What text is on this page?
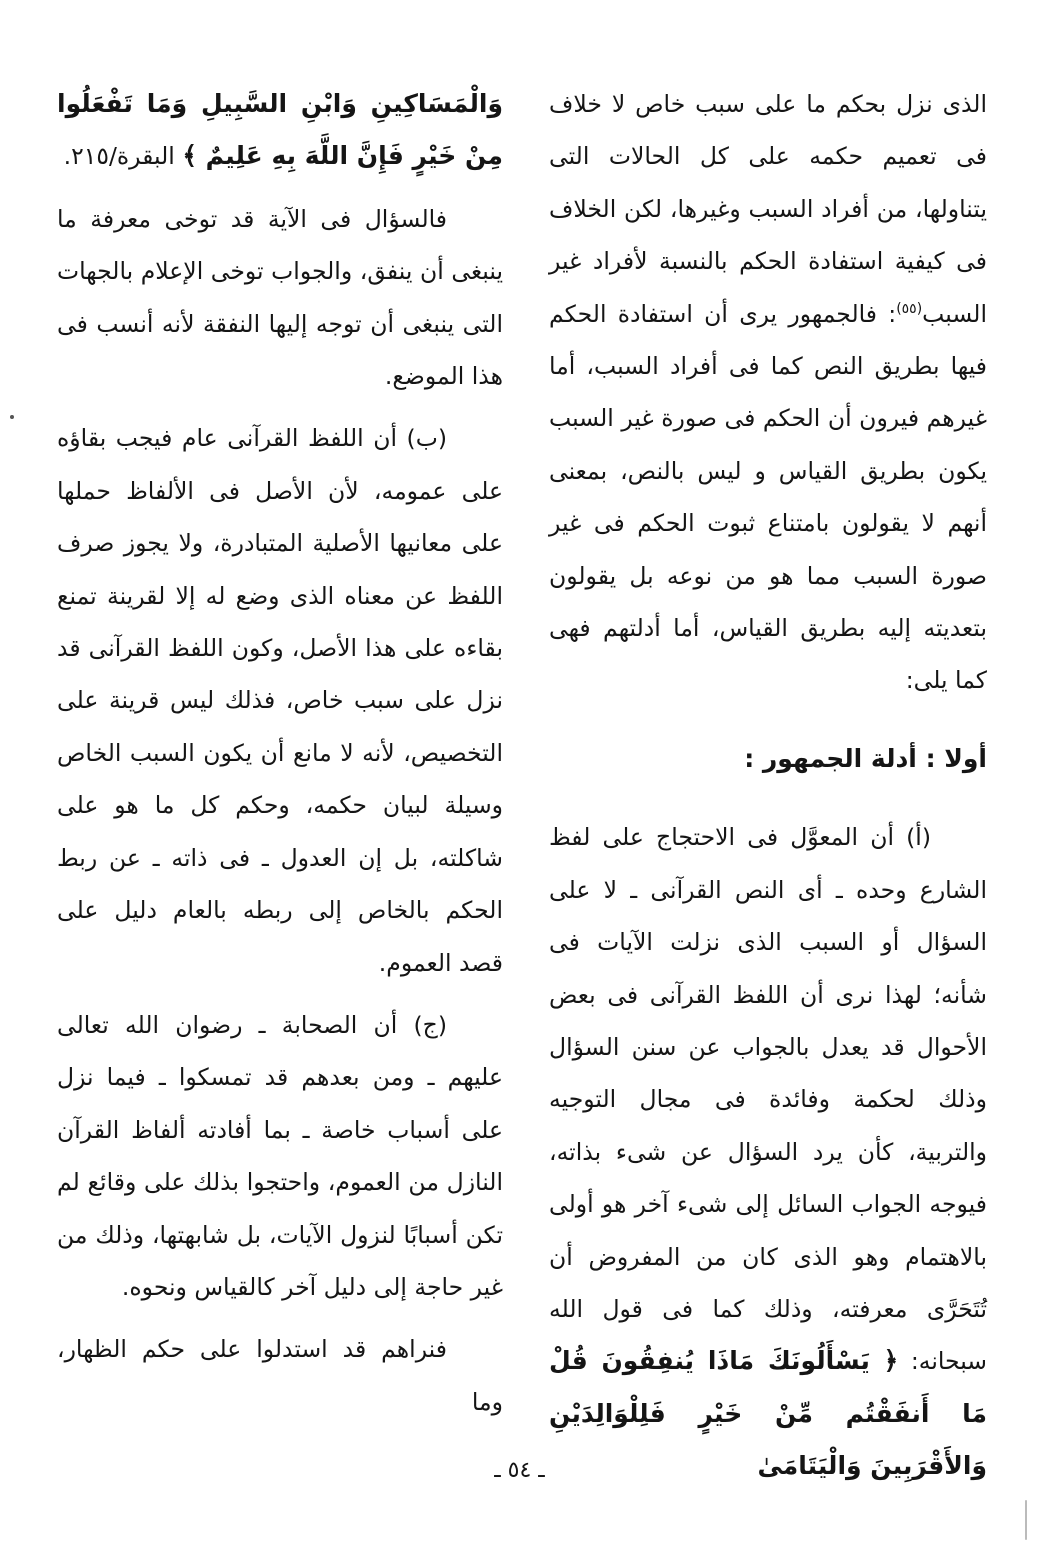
الذى نزل بحكم ما على سبب خاص لا خلاف فى تعميم حكمه على كل الحالات التى يتناولها، من أفراد السبب وغيرها، لكن الخلاف فى كيفية استفادة الحكم بالنسبة لأفراد غير السبب$^{(٥٥)}$: فالجمهور يرى أن استفادة الحكم فيها بطريق النص كما فى أفراد السبب، أما غيرهم فيرون أن الحكم فى صورة غير السبب يكون بطريق القياس و ليس بالنص، بمعنى أنهم لا يقولون بامتناع ثبوت الحكم فى غير صورة السبب مما هو من نوعه بل يقولون بتعديته إليه بطريق القياس، أما أدلتهم فهى كما يلى:

أولا : أدلة الجمهور :

(أ) أن المعوَّل فى الاحتجاج على لفظ الشارع وحده ـ أى النص القرآنى ـ لا على السؤال أو السبب الذى نزلت الآيات فى شأنه؛ لهذا نرى أن اللفظ القرآنى فى بعض الأحوال قد يعدل بالجواب عن سنن السؤال وذلك لحكمة وفائدة فى مجال التوجيه والتربية، كأن يرد السؤال عن شىء بذاته، فيوجه الجواب السائل إلى شىء آخر هو أولى بالاهتمام وهو الذى كان من المفروض أن تُتَحَرَّى معرفته، وذلك كما فى قول الله سبحانه: ﴿ يَسْأَلُونَكَ مَاذَا يُنفِقُونَ قُلْ مَا أَنفَقْتُم مِّنْ خَيْرٍ فَلِلْوَالِدَيْنِ وَالأَقْرَبِينَ وَالْيَتَامَىٰ

وَالْمَسَاكِينِ وَابْنِ السَّبِيلِ وَمَا تَفْعَلُوا مِنْ خَيْرٍ فَإِنَّ اللَّهَ بِهِ عَلِيمٌ ﴾ البقرة/٢١٥.

فالسؤال فى الآية قد توخى معرفة ما ينبغى أن ينفق، والجواب توخى الإعلام بالجهات التى ينبغى أن توجه إليها النفقة لأنه أنسب فى هذا الموضع.

(ب) أن اللفظ القرآنى عام فيجب بقاؤه على عمومه، لأن الأصل فى الألفاظ حملها على معانيها الأصلية المتبادرة، ولا يجوز صرف اللفظ عن معناه الذى وضع له إلا لقرينة تمنع بقاءه على هذا الأصل، وكون اللفظ القرآنى قد نزل على سبب خاص، فذلك ليس قرينة على التخصيص، لأنه لا مانع أن يكون السبب الخاص وسيلة لبيان حكمه، وحكم كل ما هو على شاكلته، بل إن العدول ـ فى ذاته ـ عن ربط الحكم بالخاص إلى ربطه بالعام دليل على قصد العموم.

(ج) أن الصحابة ـ رضوان الله تعالى عليهم ـ ومن بعدهم قد تمسكوا ـ فيما نزل على أسباب خاصة ـ بما أفادته ألفاظ القرآن النازل من العموم، واحتجوا بذلك على وقائع لم تكن أسبابًا لنزول الآيات، بل شابهتها، وذلك من غير حاجة إلى دليل آخر كالقياس ونحوه.

فنراهم قد استدلوا على حكم الظهار، وما

ـ ٥٤ ـ
